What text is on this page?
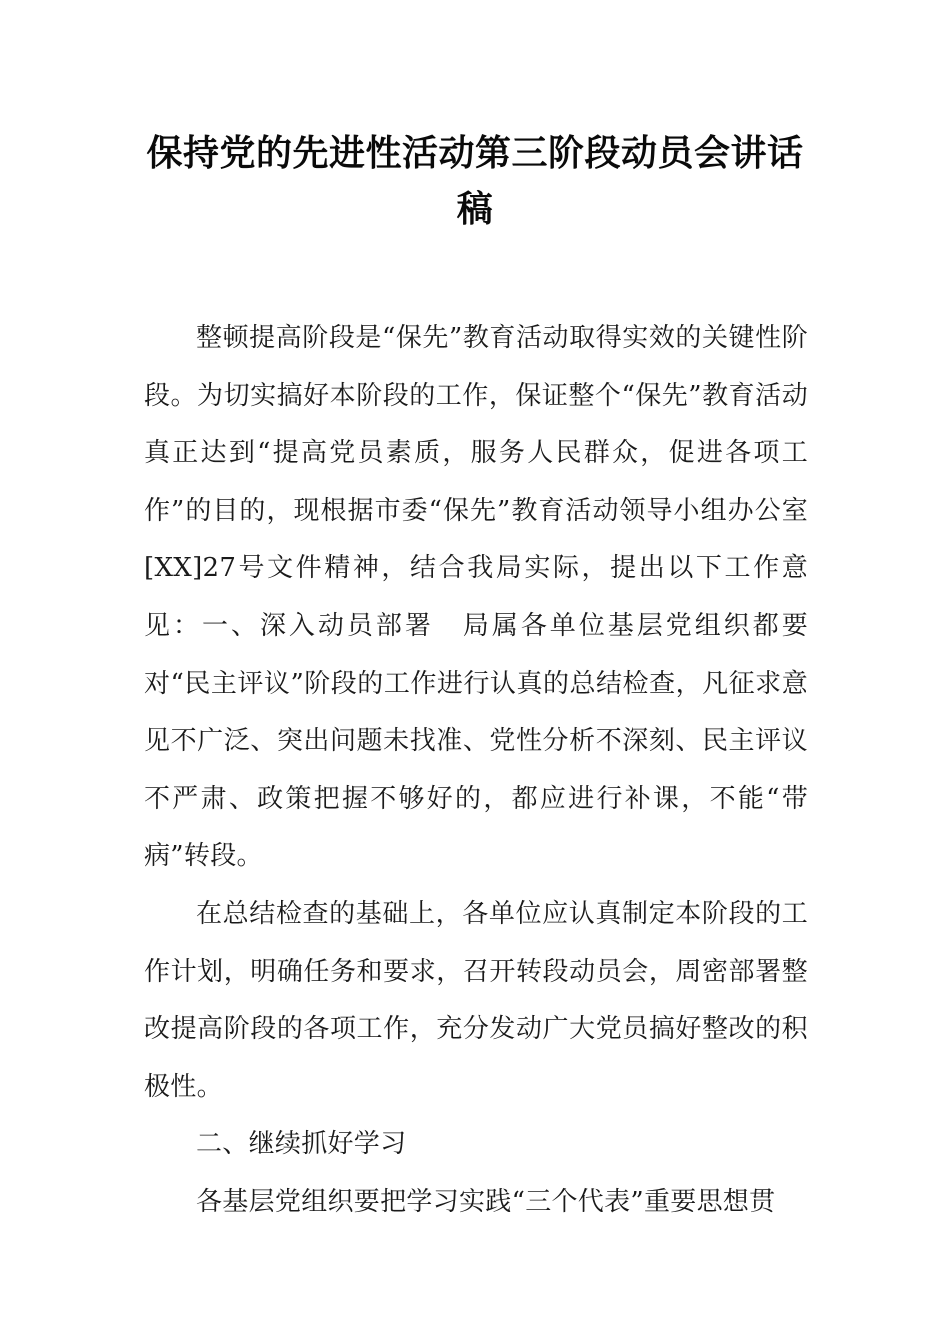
保持党的先进性活动第三阶段动员会讲话稿

整顿提高阶段是“保先”教育活动取得实效的关键性阶段。为切实搞好本阶段的工作，保证整个“保先”教育活动真正达到“提高党员素质，服务人民群众，促进各项工作”的目的，现根据市委“保先”教育活动领导小组办公室[XX]27号文件精神，结合我局实际，提出以下工作意见：一、深入动员部署　局属各单位基层党组织都要对“民主评议”阶段的工作进行认真的总结检查，凡征求意见不广泛、突出问题未找准、党性分析不深刻、民主评议不严肃、政策把握不够好的，都应进行补课，不能“带病”转段。

在总结检查的基础上，各单位应认真制定本阶段的工作计划，明确任务和要求，召开转段动员会，周密部署整改提高阶段的各项工作，充分发动广大党员搞好整改的积极性。

二、继续抓好学习

各基层党组织要把学习实践“三个代表”重要思想贯
